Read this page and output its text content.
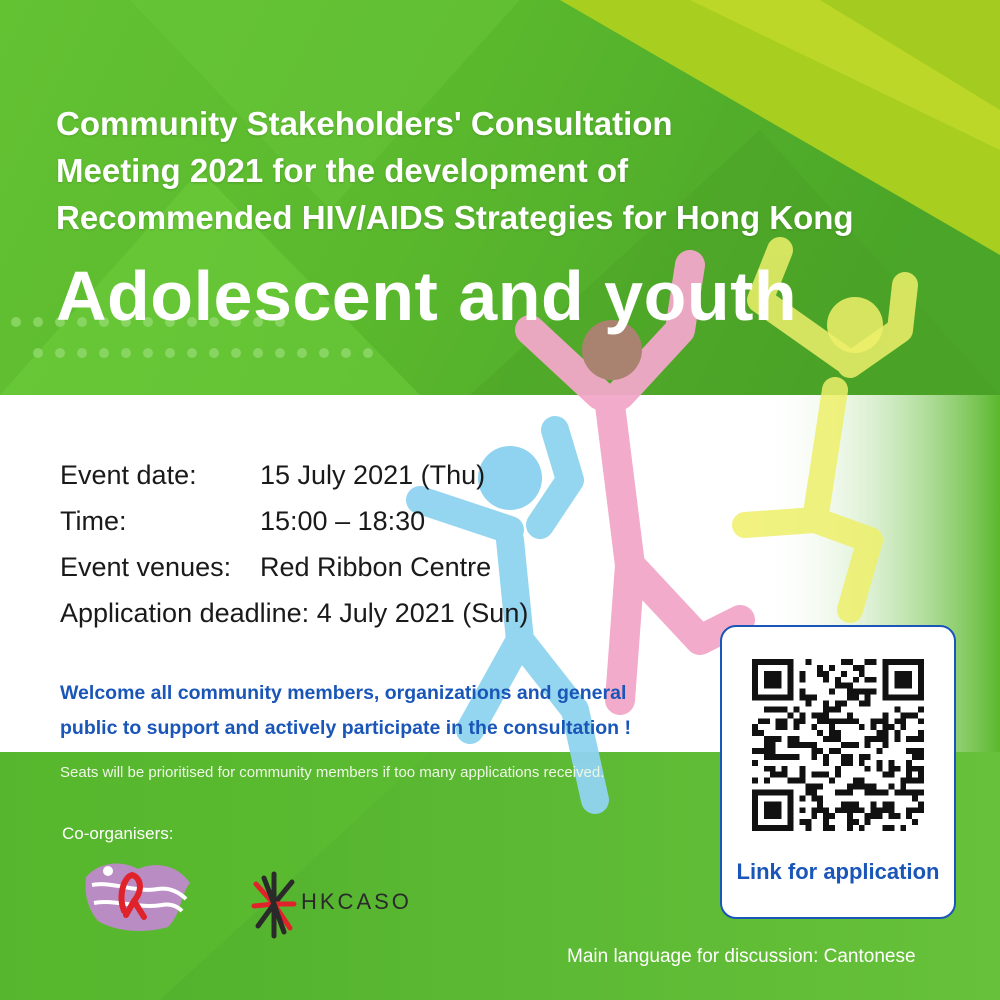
Community Stakeholders' Consultation

Meeting 2021 for the development of

Recommended HIV/AIDS Strategies for Hong Kong

Adolescent and youth

Event date: 15 July 2021 (Thu)
Time:	15:00 – 18:30
Event venues: Red Ribbon Centre
Application deadline: 4 July 2021 (Sun)
Welcome all community members, organizations and general
public to support and actively participate in the consultation !
Seats will be prioritised for community members if too many applications received.
Co-organisers:
HKCASO
Main language for discussion: Cantonese
Link for application
